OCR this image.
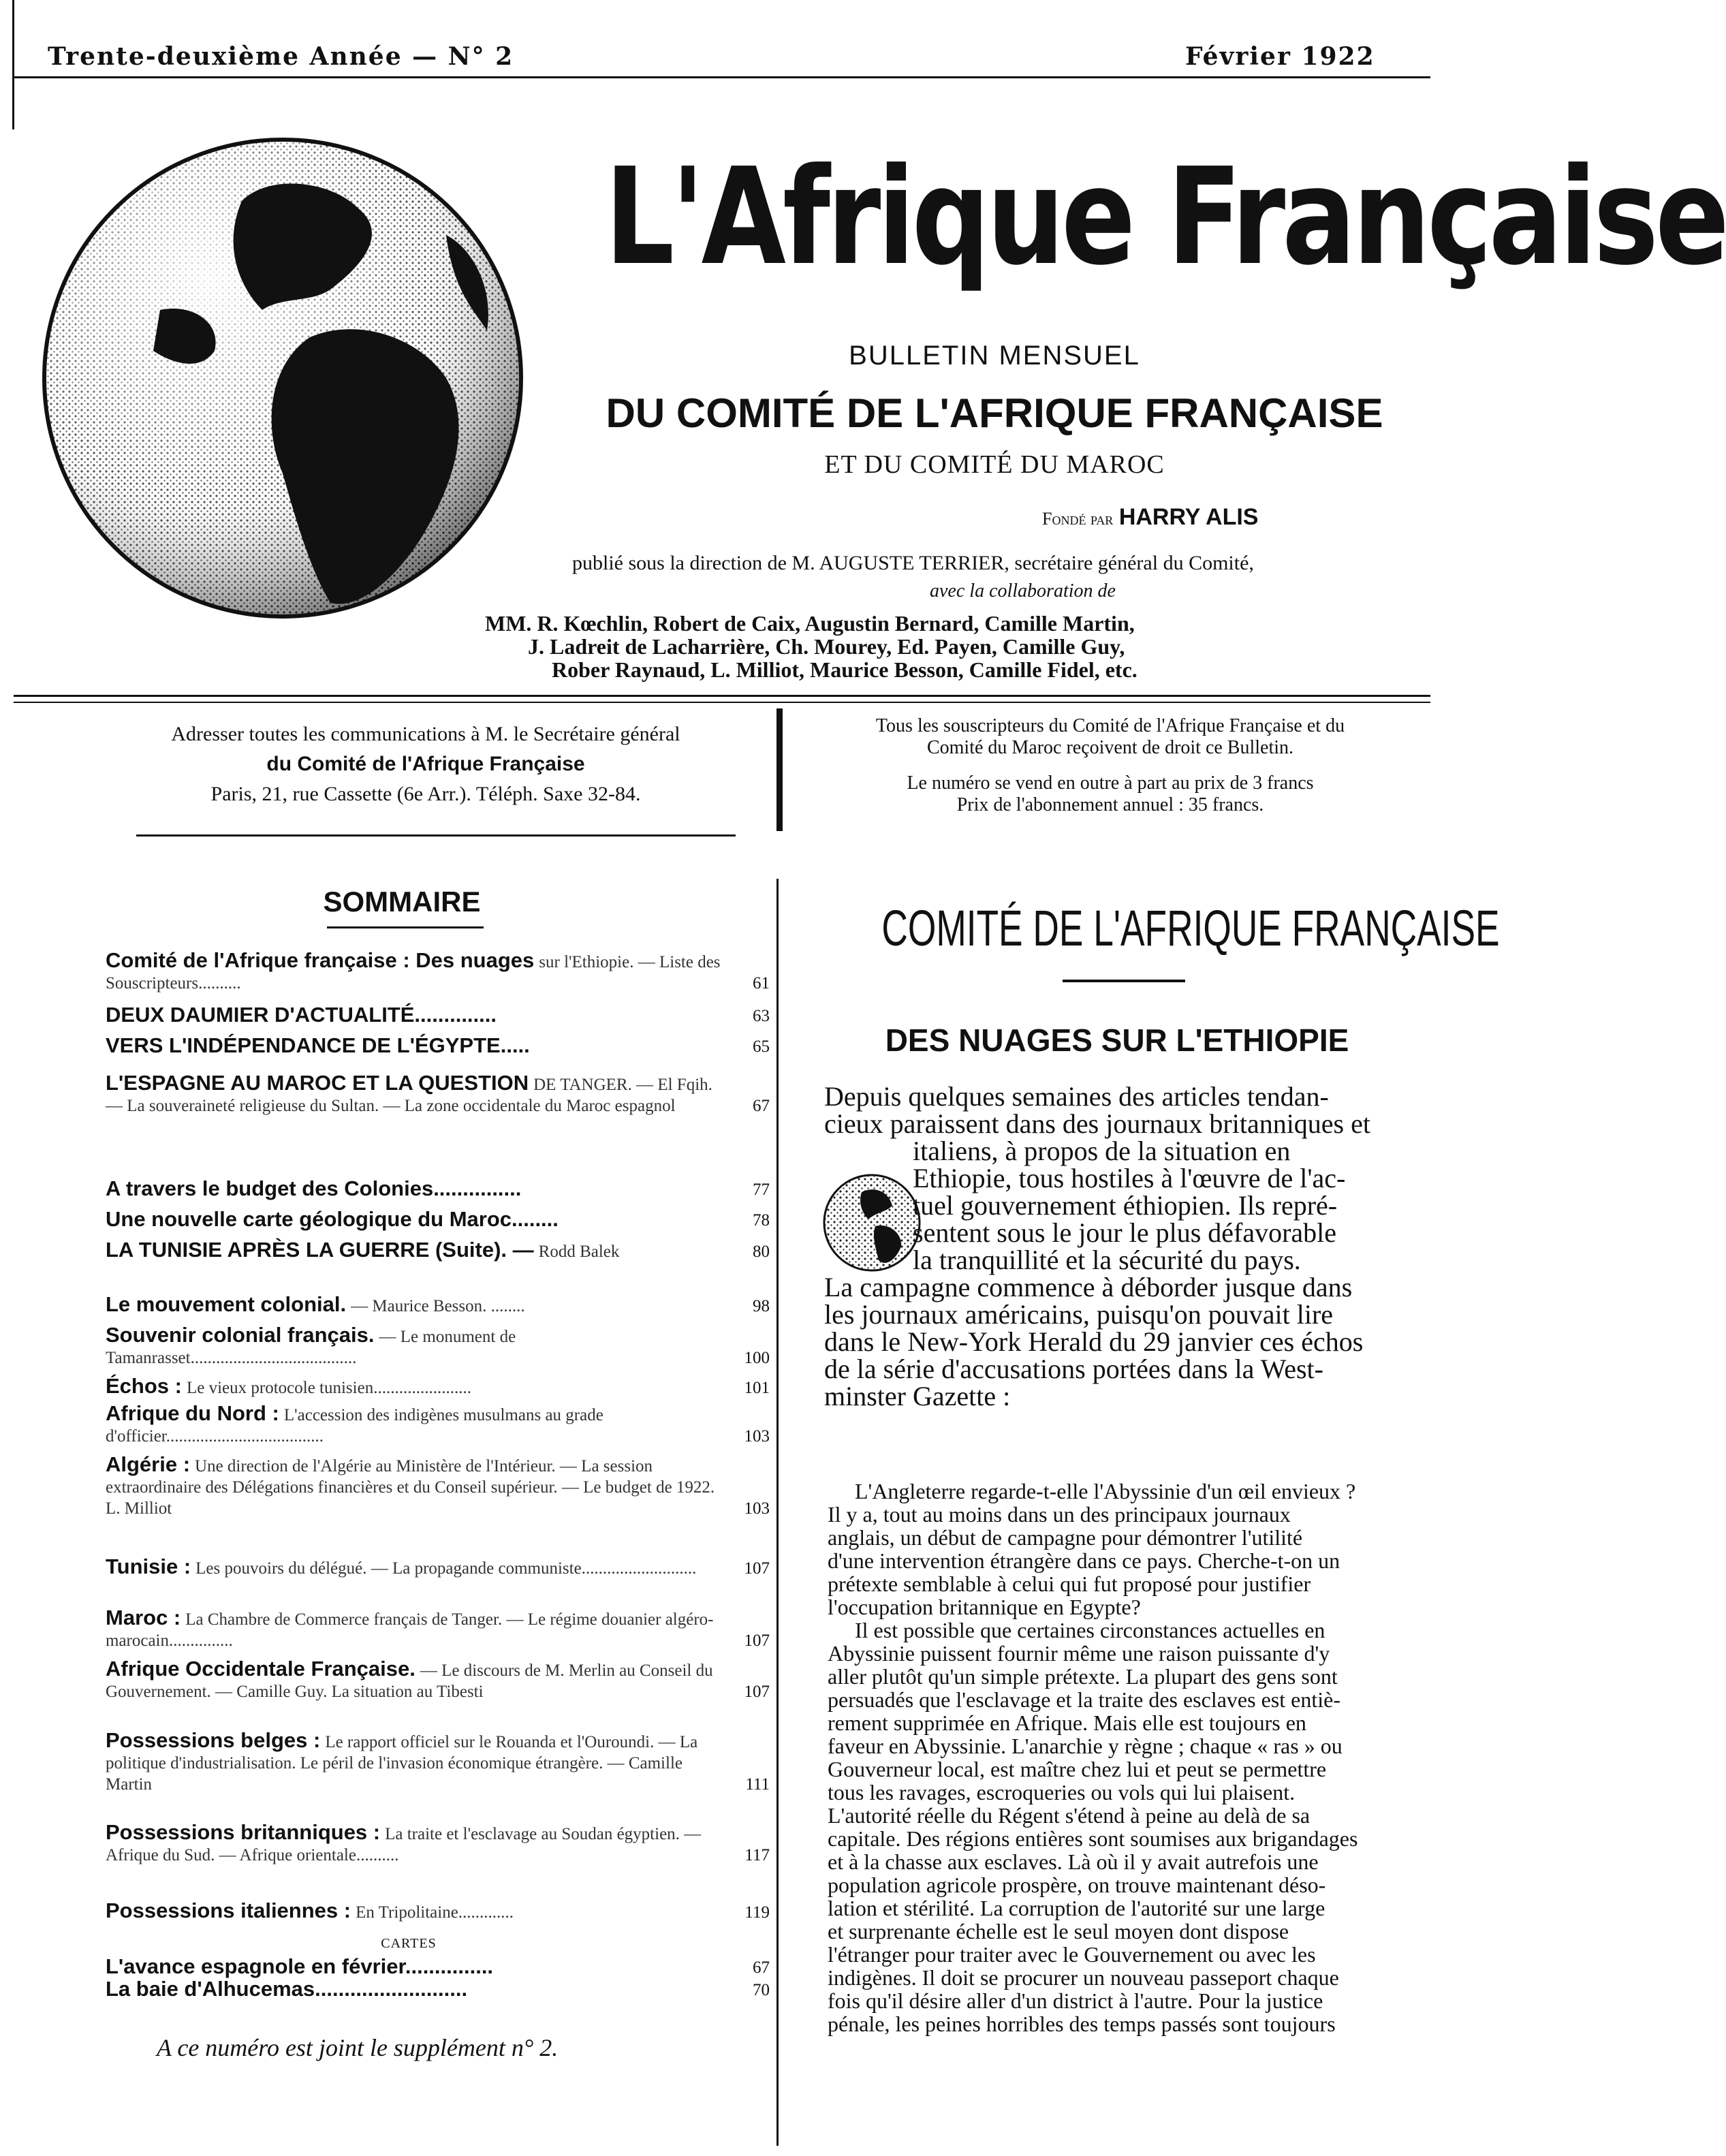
Trente-deuxième Année — N° 2	Février 1922
L'Afrique Française
BULLETIN MENSUEL
DU COMITÉ DE L'AFRIQUE FRANÇAISE
ET DU COMITÉ DU MAROC
Fondé par HARRY ALIS
publié sous la direction de M. AUGUSTE TERRIER, secrétaire général du Comité,
avec la collaboration de
MM. R. Kœchlin, Robert de Caix, Augustin Bernard, Camille Martin,
J. Ladreit de Lacharrière, Ch. Mourey, Ed. Payen, Camille Guy,
Rober Raynaud, L. Milliot, Maurice Besson, Camille Fidel, etc.
Adresser toutes les communications à M. le Secrétaire général
du Comité de l'Afrique Française
Paris, 21, rue Cassette (6e Arr.). Téléph. Saxe 32-84.
Tous les souscripteurs du Comité de l'Afrique Française et du
Comité du Maroc reçoivent de droit ce Bulletin.
Le numéro se vend en outre à part au prix de 3 francs
Prix de l'abonnement annuel : 35 francs.
SOMMAIRE
Comité de l'Afrique française : Des nuages sur l'Ethiopie. — Liste des Souscripteurs..........	61
DEUX DAUMIER D'ACTUALITÉ..............	63
VERS L'INDÉPENDANCE DE L'ÉGYPTE.....	65
L'ESPAGNE AU MAROC ET LA QUESTION DE TANGER. — El Fqih. — La souveraineté religieuse du Sultan. — La zone occidentale du Maroc espagnol	67
A travers le budget des Colonies...............	77
Une nouvelle carte géologique du Maroc........	78
LA TUNISIE APRÈS LA GUERRE (Suite). — Rodd Balek	80
Le mouvement colonial. — Maurice Besson. ........	98
Souvenir colonial français. — Le monument de Tamanrasset.......................................	100
Échos : Le vieux protocole tunisien.......................	101
Afrique du Nord : L'accession des indigènes musulmans au grade d'officier.....................................	103
Algérie : Une direction de l'Algérie au Ministère de l'Intérieur. — La session extraordinaire des Délégations financières et du Conseil supérieur. — Le budget de 1922. L. Milliot	103
Tunisie : Les pouvoirs du délégué. — La propagande communiste...........................	107
Maroc : La Chambre de Commerce français de Tanger. — Le régime douanier algéro-marocain...............	107
Afrique Occidentale Française. — Le discours de M. Merlin au Conseil du Gouvernement. — Camille Guy. La situation au Tibesti	107
Possessions belges : Le rapport officiel sur le Rouanda et l'Ouroundi. — La politique d'industrialisation. Le péril de l'invasion économique étrangère. — Camille Martin	111
Possessions britanniques : La traite et l'esclavage au Soudan égyptien. — Afrique du Sud. — Afrique orientale..........	117
Possessions italiennes : En Tripolitaine.............	119
CARTES
L'avance espagnole en février...............	67
La baie d'Alhucemas..........................	70
A ce numéro est joint le supplément n° 2.
COMITÉ DE L'AFRIQUE FRANÇAISE
DES NUAGES SUR L'ETHIOPIE
Depuis quelques semaines des articles tendan-
cieux paraissent dans des journaux britanniques et
italiens, à propos de la situation en
Ethiopie, tous hostiles à l'œuvre de l'ac-
tuel gouvernement éthiopien. Ils repré-
sentent sous le jour le plus défavorable
la tranquillité et la sécurité du pays.
La campagne commence à déborder jusque dans
les journaux américains, puisqu'on pouvait lire
dans le New-York Herald du 29 janvier ces échos
de la série d'accusations portées dans la West-
minster Gazette :
L'Angleterre regarde-t-elle l'Abyssinie d'un œil envieux ?
Il y a, tout au moins dans un des principaux journaux
anglais, un début de campagne pour démontrer l'utilité
d'une intervention étrangère dans ce pays. Cherche-t-on un
prétexte semblable à celui qui fut proposé pour justifier
l'occupation britannique en Egypte?
Il est possible que certaines circonstances actuelles en
Abyssinie puissent fournir même une raison puissante d'y
aller plutôt qu'un simple prétexte. La plupart des gens sont
persuadés que l'esclavage et la traite des esclaves est entiè-
rement supprimée en Afrique. Mais elle est toujours en
faveur en Abyssinie. L'anarchie y règne ; chaque « ras » ou
Gouverneur local, est maître chez lui et peut se permettre
tous les ravages, escroqueries ou vols qui lui plaisent.
L'autorité réelle du Régent s'étend à peine au delà de sa
capitale. Des régions entières sont soumises aux brigandages
et à la chasse aux esclaves. Là où il y avait autrefois une
population agricole prospère, on trouve maintenant déso-
lation et stérilité. La corruption de l'autorité sur une large
et surprenante échelle est le seul moyen dont dispose
l'étranger pour traiter avec le Gouvernement ou avec les
indigènes. Il doit se procurer un nouveau passeport chaque
fois qu'il désire aller d'un district à l'autre. Pour la justice
pénale, les peines horribles des temps passés sont toujours
